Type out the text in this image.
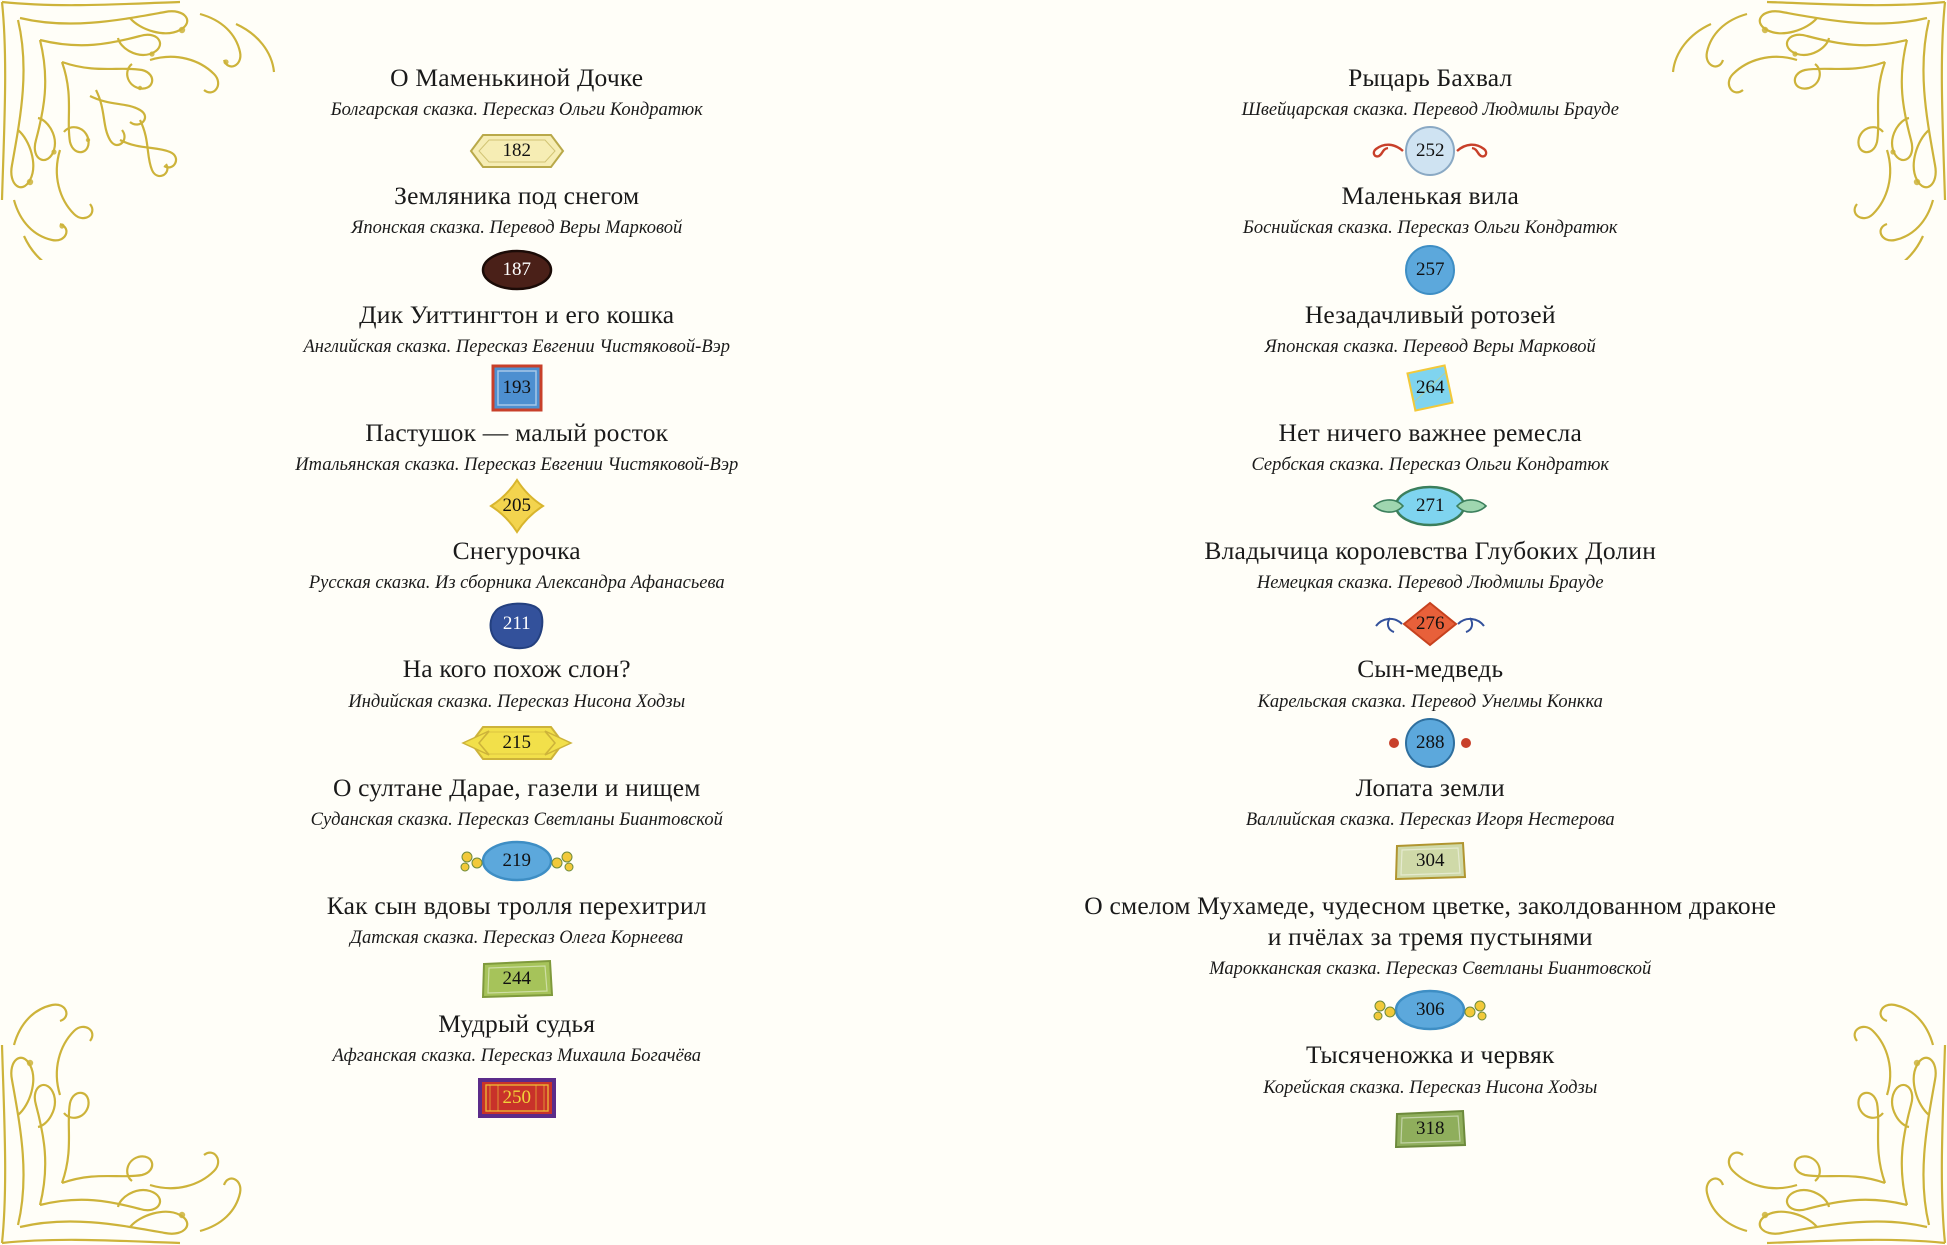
О Маменькиной Дочке
Болгарская сказка. Пересказ Ольги Кондратюк
182
Земляника под снегом
Японская сказка. Перевод Веры Марковой
187
Дик Уиттингтон и его кошка
Английская сказка. Пересказ Евгении Чистяковой-Вэр
193
Пастушок — малый росток
Итальянская сказка. Пересказ Евгении Чистяковой-Вэр
205
Снегурочка
Русская сказка. Из сборника Александра Афанасьева
211
На кого похож слон?
Индийская сказка. Пересказ Нисона Ходзы
215
О султане Дарае, газели и нищем
Суданская сказка. Пересказ Светланы Биантовской
219
Как сын вдовы тролля перехитрил
Датская сказка. Пересказ Олега Корнеева
244
Мудрый судья
Афганская сказка. Пересказ Михаила Богачёва
250
Рыцарь Бахвал
Швейцарская сказка. Перевод Людмилы Брауде
252
Маленькая вила
Боснийская сказка. Пересказ Ольги Кондратюк
257
Незадачливый ротозей
Японская сказка. Перевод Веры Марковой
264
Нет ничего важнее ремесла
Сербская сказка. Пересказ Ольги Кондратюк
271
Владычица королевства Глубоких Долин
Немецкая сказка. Перевод Людмилы Брауде
276
Сын-медведь
Карельская сказка. Перевод Унелмы Конкка
288
Лопата земли
Валлийская сказка. Пересказ Игоря Нестерова
304
О смелом Мухамеде, чудесном цветке, заколдованном драконе
и пчёлах за тремя пустынями
Марокканская сказка. Пересказ Светланы Биантовской
306
Тысяченожка и червяк
Корейская сказка. Пересказ Нисона Ходзы
318
